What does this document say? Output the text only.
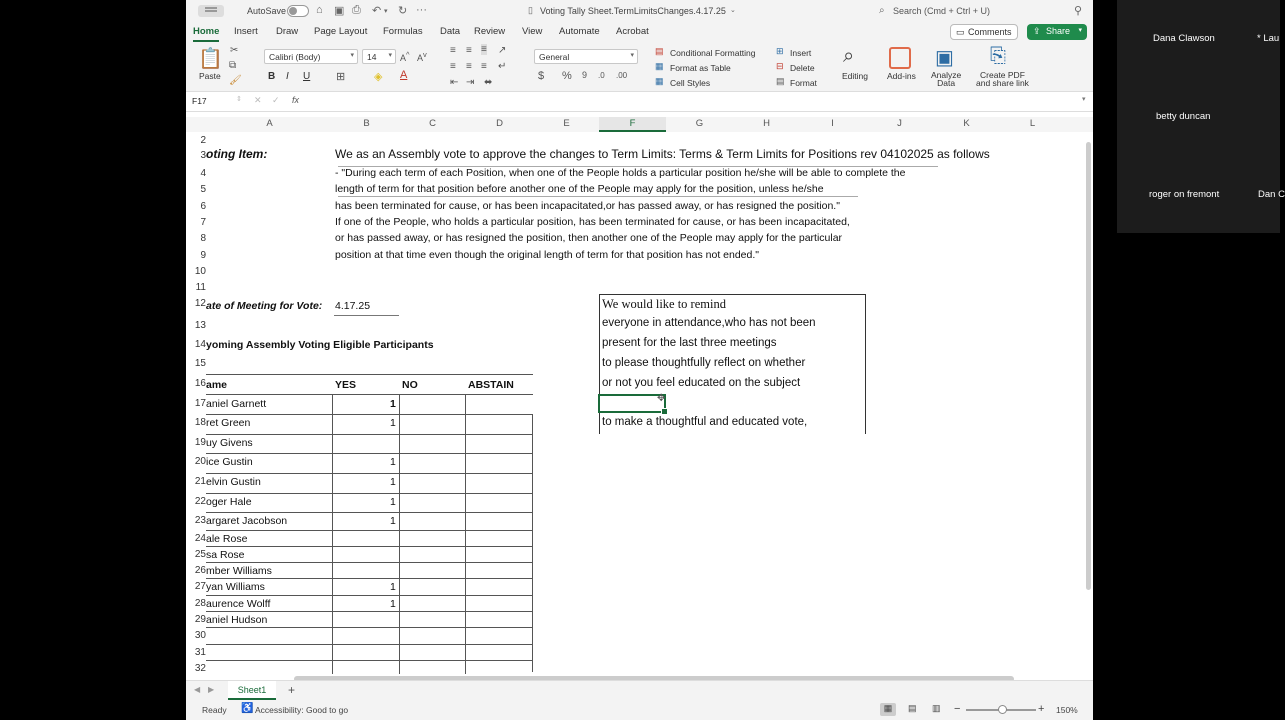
AutoSave	⌂ ▣ ⎙ ↶ ▾ ↻ ···	▯ Voting Tally Sheet.TermLimitsChanges.4.17.25 ⌄	⌕ Search (Cmd + Ctrl + U)	⚲
Home Insert Draw Page Layout Formulas Data Review View Automate Acrobat	▭ Comments	⇪ Share ▾
📋
Paste
✂
⧉
🖌
Calibri (Body)	▾	14 ▾ A^ $A^v$
B I U ⊞	◈ A
≡ ≡ ≡ ↗
≡ ≡ ≡ ↵
⇤ ⇥ ⬌
General	▾
$ % 9 .0 .00
▤ Conditional Formatting
▦ Format as Table
▦ Cell Styles
⊞ Insert
⊟ Delete
▤ Format
⌕
Editing Add-ins
▣
Analyze
Data
⎘
Create PDF
and share link
F17	⇕ ✕ ✓ fx	▾
A	B	C	D	E	F	G	H	I	J	K	L
oting Item:	We as an Assembly vote to approve the changes to Term Limits: Terms & Term Limits for Positions rev 04102025 as follows
ate of Meeting for Vote: 4.17.25
yoming Assembly Voting Eligible Participants
ame	YES	NO	ABSTAIN
We would like to remind
everyone in attendance,who has not been
present for the last three meetings
to please thoughtfully reflect on whether
or not you feel educated on the subject
to make a thoughtful and educated vote,
✥
2
3
4
5
6
7
8
9
10
11
12
13
14
15
16
17
18
19
20
21
22
23
24
25
26
27
28
29
30
31
32
- "During each term of each Position, when one of the People holds a particular position he/she will be able to complete the
length of term for that position before another one of the People may apply for the position, unless he/she
has been terminated for cause, or has been incapacitated,or has passed away, or has resigned the position."
If one of the People, who holds a particular position, has been terminated for cause, or has been incapacitated,
or has passed away, or has resigned the position, then another one of the People may apply for the particular
position at that time even though the original length of term for that position has not ended."
aniel Garnett	1
ret Green	1
uy Givens
ice Gustin	1
elvin Gustin	1
oger Hale	1
argaret Jacobson	1
ale Rose
sa Rose
mber Williams
yan Williams	1
aurence Wolff	1
aniel Hudson
◀ ▶	Sheet1	+
Ready ♿ Accessibility: Good to go	▦	▤ ▥ −	+ 150%
Dana Clawson	* Lau
betty duncan
roger on fremont	Dan C
